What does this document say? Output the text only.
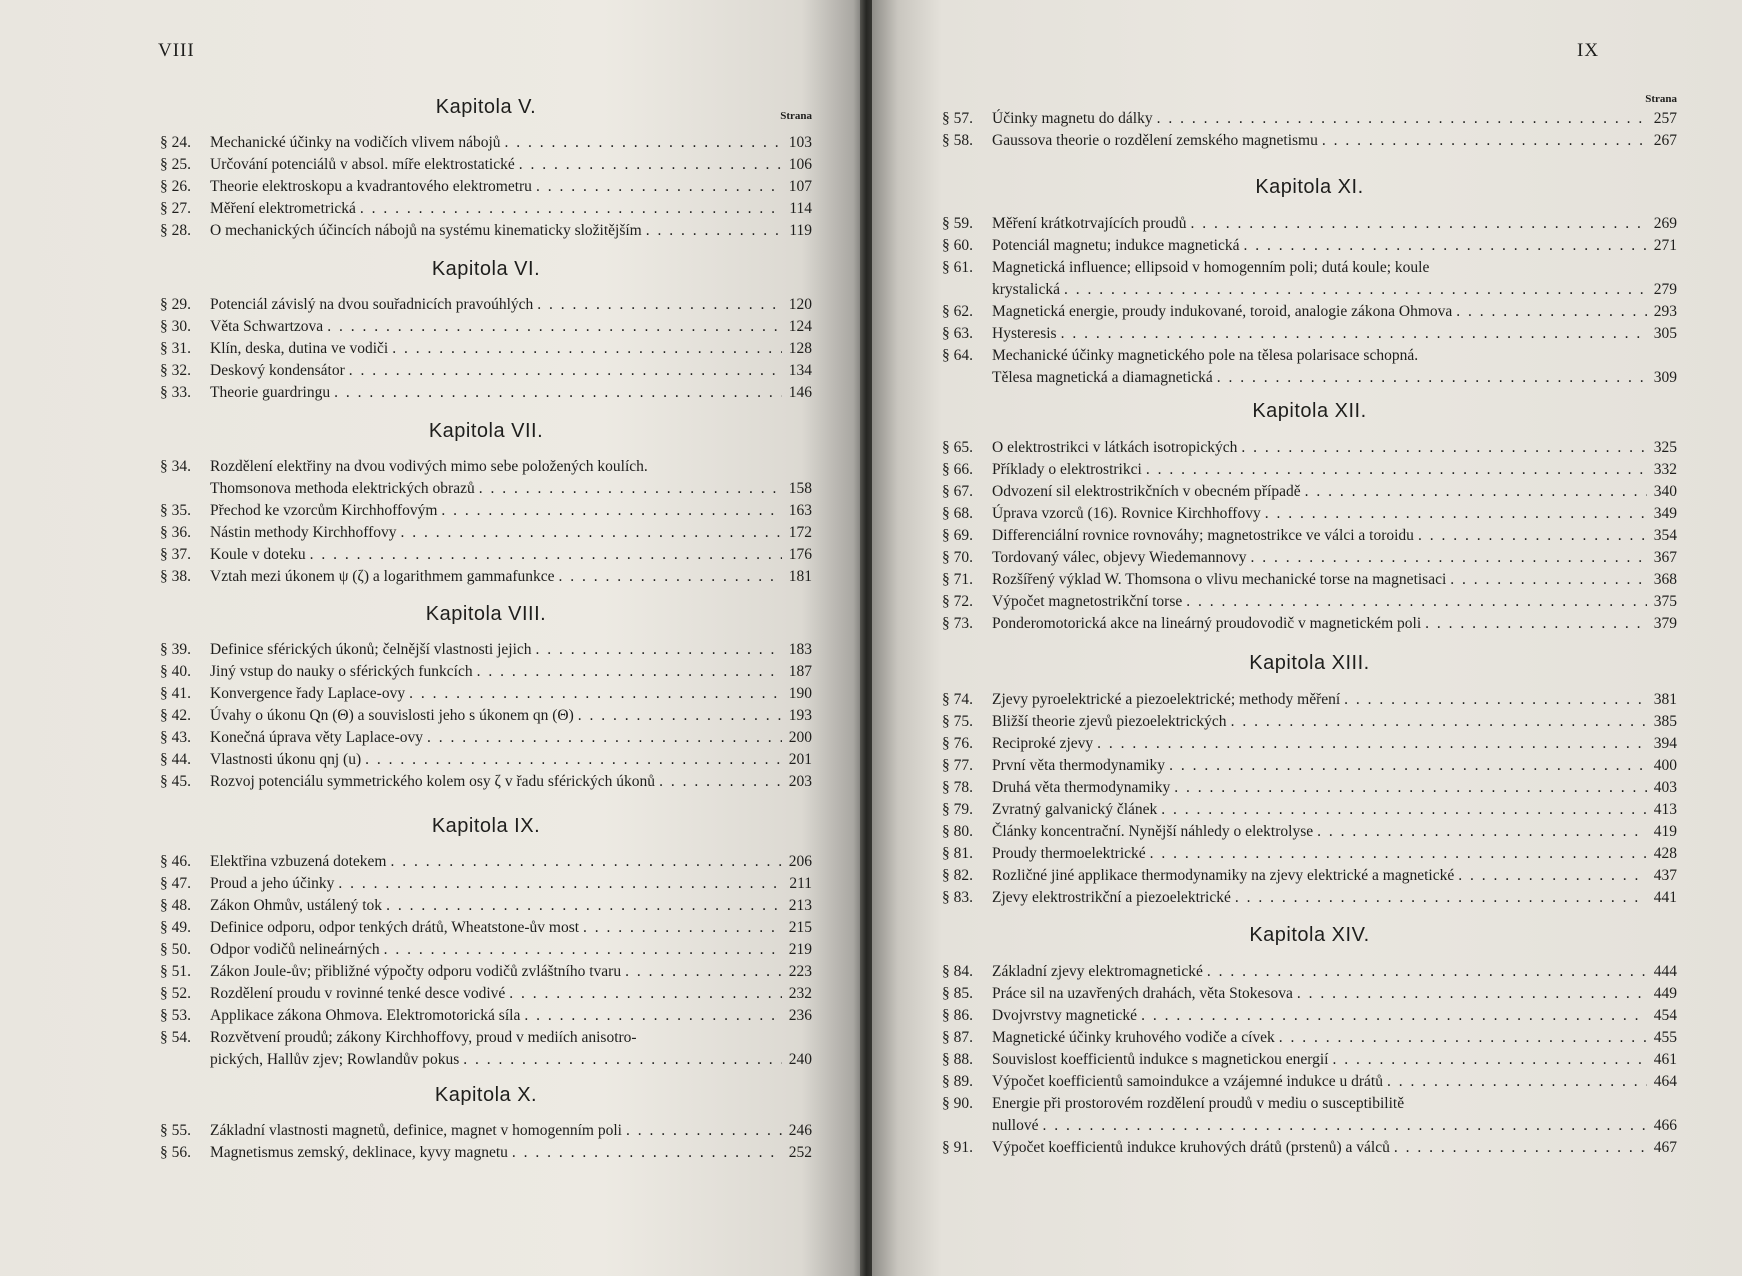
VIII
Strana
Kapitola V.
§ 24.	Mechanické účinky na vodičích vlivem nábojů . . .	103
§ 25.	Určování potenciálů v absol. míře elektrostatické . . .	106
§ 26.	Theorie elektroskopu a kvadrantového elektrometru . . .	107
§ 27.	Měření elektrometrická . . .	114
§ 28.	O mechanických účincích nábojů na systému kinematicky složitějším . . .	119
Kapitola VI.
§ 29.	Potenciál závislý na dvou souřadnicích pravoúhlých . . .	120
§ 30.	Věta Schwartzova . . .	124
§ 31.	Klín, deska, dutina ve vodiči . . .	128
§ 32.	Deskový kondensátor . . .	134
§ 33.	Theorie guardringu . . .	146
Kapitola VII.
§ 34.	Rozdělení elektřiny na dvou vodivých mimo sebe položených koulích.
Thomsonova methoda elektrických obrazů . . .	158
§ 35.	Přechod ke vzorcům Kirchhoffovým . . .	163
§ 36.	Nástin methody Kirchhoffovy . . .	172
§ 37.	Koule v doteku . . .	176
§ 38.	Vztah mezi úkonem ψ (ζ) a logarithmem gammafunkce . . .	181
Kapitola VIII.
§ 39.	Definice sférických úkonů; čelnější vlastnosti jejich . . .	183
§ 40.	Jiný vstup do nauky o sférických funkcích . . .	187
§ 41.	Konvergence řady Laplace-ovy . . .	190
§ 42.	Úvahy o úkonu Qn (Θ) a souvislosti jeho s úkonem qn (Θ) . . .	193
§ 43.	Konečná úprava věty Laplace-ovy . . .	200
§ 44.	Vlastnosti úkonu qnj (u) . . .	201
§ 45.	Rozvoj potenciálu symmetrického kolem osy ζ v řadu sférických úkonů . . .	203
Kapitola IX.
§ 46.	Elektřina vzbuzená dotekem . . .	206
§ 47.	Proud a jeho účinky . . .	211
§ 48.	Zákon Ohmův, ustálený tok . . .	213
§ 49.	Definice odporu, odpor tenkých drátů, Wheatstone-ův most . . .	215
§ 50.	Odpor vodičů nelineárných . . .	219
§ 51.	Zákon Joule-ův; přibližné výpočty odporu vodičů zvláštního tvaru . . .	223
§ 52.	Rozdělení proudu v rovinné tenké desce vodivé . . .	232
§ 53.	Applikace zákona Ohmova. Elektromotorická síla . . .	236
§ 54.	Rozvětvení proudů; zákony Kirchhoffovy, proud v mediích anisotro-
pických, Hallův zjev; Rowlandův pokus . . .	240
Kapitola X.
§ 55.	Základní vlastnosti magnetů, definice, magnet v homogenním poli . . .	246
§ 56.	Magnetismus zemský, deklinace, kyvy magnetu . . .	252
IX
Strana
§ 57.	Účinky magnetu do dálky . . .	257
§ 58.	Gaussova theorie o rozdělení zemského magnetismu . . .	267
Kapitola XI.
§ 59.	Měření krátkotrvajících proudů . . .	269
§ 60.	Potenciál magnetu; indukce magnetická . . .	271
§ 61.	Magnetická influence; ellipsoid v homogenním poli; dutá koule; koule
krystalická . . .	279
§ 62.	Magnetická energie, proudy indukované, toroid, analogie zákona Ohmova . . .	293
§ 63.	Hysteresis . . .	305
§ 64.	Mechanické účinky magnetického pole na tělesa polarisace schopná.
Tělesa magnetická a diamagnetická . . .	309
Kapitola XII.
§ 65.	O elektrostrikci v látkách isotropických . . .	325
§ 66.	Příklady o elektrostrikci . . .	332
§ 67.	Odvození sil elektrostrikčních v obecném případě . . .	340
§ 68.	Úprava vzorců (16). Rovnice Kirchhoffovy . . .	349
§ 69.	Differenciální rovnice rovnováhy; magnetostrikce ve válci a toroidu . . .	354
§ 70.	Tordovaný válec, objevy Wiedemannovy . . .	367
§ 71.	Rozšířený výklad W. Thomsona o vlivu mechanické torse na magnetisaci . . .	368
§ 72.	Výpočet magnetostrikční torse . . .	375
§ 73.	Ponderomotorická akce na lineárný proudovodič v magnetickém poli . . .	379
Kapitola XIII.
§ 74.	Zjevy pyroelektrické a piezoelektrické; methody měření . . .	381
§ 75.	Bližší theorie zjevů piezoelektrických . . .	385
§ 76.	Reciproké zjevy . . .	394
§ 77.	První věta thermodynamiky . . .	400
§ 78.	Druhá věta thermodynamiky . . .	403
§ 79.	Zvratný galvanický článek . . .	413
§ 80.	Články koncentrační. Nynější náhledy o elektrolyse . . .	419
§ 81.	Proudy thermoelektrické . . .	428
§ 82.	Rozličné jiné applikace thermodynamiky na zjevy elektrické a magnetické . . .	437
§ 83.	Zjevy elektrostrikční a piezoelektrické . . .	441
Kapitola XIV.
§ 84.	Základní zjevy elektromagnetické . . .	444
§ 85.	Práce sil na uzavřených drahách, věta Stokesova . . .	449
§ 86.	Dvojvrstvy magnetické . . .	454
§ 87.	Magnetické účinky kruhového vodiče a cívek . . .	455
§ 88.	Souvislost koefficientů indukce s magnetickou energií . . .	461
§ 89.	Výpočet koefficientů samoindukce a vzájemné indukce u drátů . . .	464
§ 90.	Energie při prostorovém rozdělení proudů v mediu o susceptibilitě
nullové . . .	466
§ 91.	Výpočet koefficientů indukce kruhových drátů (prstenů) a válců . . .	467
